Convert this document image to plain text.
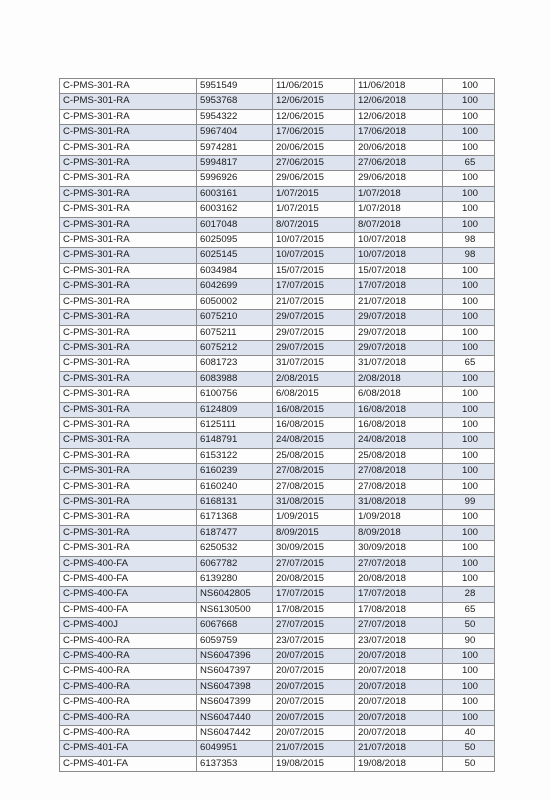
C-PMS-301-RA	5951549	11/06/2015	11/06/2018	100
C-PMS-301-RA	5953768	12/06/2015	12/06/2018	100
C-PMS-301-RA	5954322	12/06/2015	12/06/2018	100
C-PMS-301-RA	5967404	17/06/2015	17/06/2018	100
C-PMS-301-RA	5974281	20/06/2015	20/06/2018	100
C-PMS-301-RA	5994817	27/06/2015	27/06/2018	65
C-PMS-301-RA	5996926	29/06/2015	29/06/2018	100
C-PMS-301-RA	6003161	1/07/2015	1/07/2018	100
C-PMS-301-RA	6003162	1/07/2015	1/07/2018	100
C-PMS-301-RA	6017048	8/07/2015	8/07/2018	100
C-PMS-301-RA	6025095	10/07/2015	10/07/2018	98
C-PMS-301-RA	6025145	10/07/2015	10/07/2018	98
C-PMS-301-RA	6034984	15/07/2015	15/07/2018	100
C-PMS-301-RA	6042699	17/07/2015	17/07/2018	100
C-PMS-301-RA	6050002	21/07/2015	21/07/2018	100
C-PMS-301-RA	6075210	29/07/2015	29/07/2018	100
C-PMS-301-RA	6075211	29/07/2015	29/07/2018	100
C-PMS-301-RA	6075212	29/07/2015	29/07/2018	100
C-PMS-301-RA	6081723	31/07/2015	31/07/2018	65
C-PMS-301-RA	6083988	2/08/2015	2/08/2018	100
C-PMS-301-RA	6100756	6/08/2015	6/08/2018	100
C-PMS-301-RA	6124809	16/08/2015	16/08/2018	100
C-PMS-301-RA	6125111	16/08/2015	16/08/2018	100
C-PMS-301-RA	6148791	24/08/2015	24/08/2018	100
C-PMS-301-RA	6153122	25/08/2015	25/08/2018	100
C-PMS-301-RA	6160239	27/08/2015	27/08/2018	100
C-PMS-301-RA	6160240	27/08/2015	27/08/2018	100
C-PMS-301-RA	6168131	31/08/2015	31/08/2018	99
C-PMS-301-RA	6171368	1/09/2015	1/09/2018	100
C-PMS-301-RA	6187477	8/09/2015	8/09/2018	100
C-PMS-301-RA	6250532	30/09/2015	30/09/2018	100
C-PMS-400-FA	6067782	27/07/2015	27/07/2018	100
C-PMS-400-FA	6139280	20/08/2015	20/08/2018	100
C-PMS-400-FA	NS6042805	17/07/2015	17/07/2018	28
C-PMS-400-FA	NS6130500	17/08/2015	17/08/2018	65
C-PMS-400J	6067668	27/07/2015	27/07/2018	50
C-PMS-400-RA	6059759	23/07/2015	23/07/2018	90
C-PMS-400-RA	NS6047396	20/07/2015	20/07/2018	100
C-PMS-400-RA	NS6047397	20/07/2015	20/07/2018	100
C-PMS-400-RA	NS6047398	20/07/2015	20/07/2018	100
C-PMS-400-RA	NS6047399	20/07/2015	20/07/2018	100
C-PMS-400-RA	NS6047440	20/07/2015	20/07/2018	100
C-PMS-400-RA	NS6047442	20/07/2015	20/07/2018	40
C-PMS-401-FA	6049951	21/07/2015	21/07/2018	50
C-PMS-401-FA	6137353	19/08/2015	19/08/2018	50
